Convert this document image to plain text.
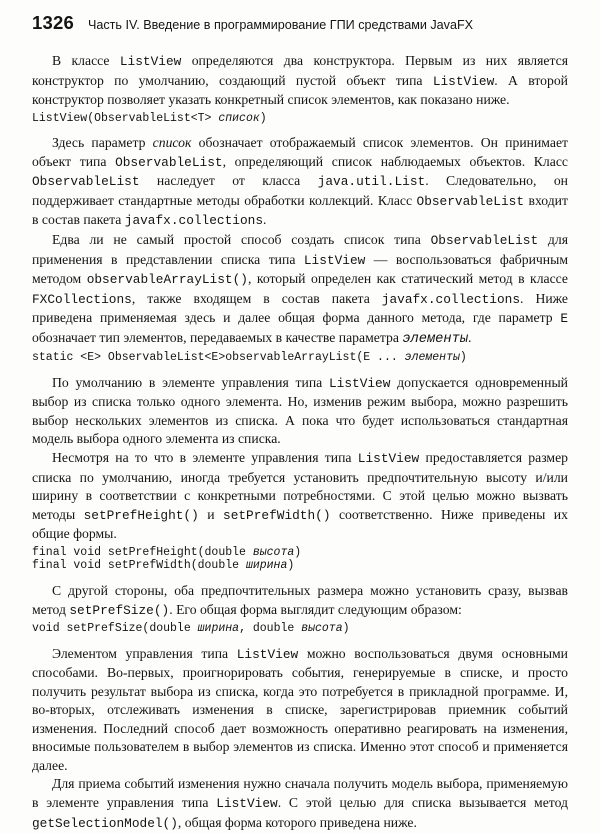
1326 Часть IV. Введение в программирование ГПИ средствами JavaFX

В классе ListView определяются два конструктора. Первым из них является конструктор по умолчанию, создающий пустой объект типа ListView. А второй конструктор позволяет указать конкретный список элементов, как показано ниже.

ListView(ObservableList<T> список)

Здесь параметр список обозначает отображаемый список элементов. Он принимает объект типа ObservableList, определяющий список наблюдаемых объектов. Класс ObservableList наследует от класса java.util.List. Следовательно, он поддерживает стандартные методы обработки коллекций. Класс ObservableList входит в состав пакета javafx.collections.

Едва ли не самый простой способ создать список типа ObservableList для применения в представлении списка типа ListView — воспользоваться фабричным методом observableArrayList(), который определен как статический метод в классе FXCollections, также входящем в состав пакета javafx.collections. Ниже приведена применяемая здесь и далее общая форма данного метода, где параметр E обозначает тип элементов, передаваемых в качестве параметра элементы.

static <E> ObservableList<E>observableArrayList(E ... элементы)

По умолчанию в элементе управления типа ListView допускается одновременный выбор из списка только одного элемента. Но, изменив режим выбора, можно разрешить выбор нескольких элементов из списка. А пока что будет использоваться стандартная модель выбора одного элемента из списка.

Несмотря на то что в элементе управления типа ListView предоставляется размер списка по умолчанию, иногда требуется установить предпочтительную высоту и/или ширину в соответствии с конкретными потребностями. С этой целью можно вызвать методы setPrefHeight() и setPrefWidth() соответственно. Ниже приведены их общие формы.

final void setPrefHeight(double высота)
final void setPrefWidth(double ширина)

С другой стороны, оба предпочтительных размера можно установить сразу, вызвав метод setPrefSize(). Его общая форма выглядит следующим образом:

void setPrefSize(double ширина, double высота)

Элементом управления типа ListView можно воспользоваться двумя основными способами. Во-первых, проигнорировать события, генерируемые в списке, и просто получить результат выбора из списка, когда это потребуется в прикладной программе. И, во-вторых, отслеживать изменения в списке, зарегистрировав приемник событий изменения. Последний способ дает возможность оперативно реагировать на изменения, вносимые пользователем в выбор элементов из списка. Именно этот способ и применяется далее.

Для приема событий изменения нужно сначала получить модель выбора, применяемую в элементе управления типа ListView. С этой целью для списка вызывается метод getSelectionModel(), общая форма которого приведена ниже.
